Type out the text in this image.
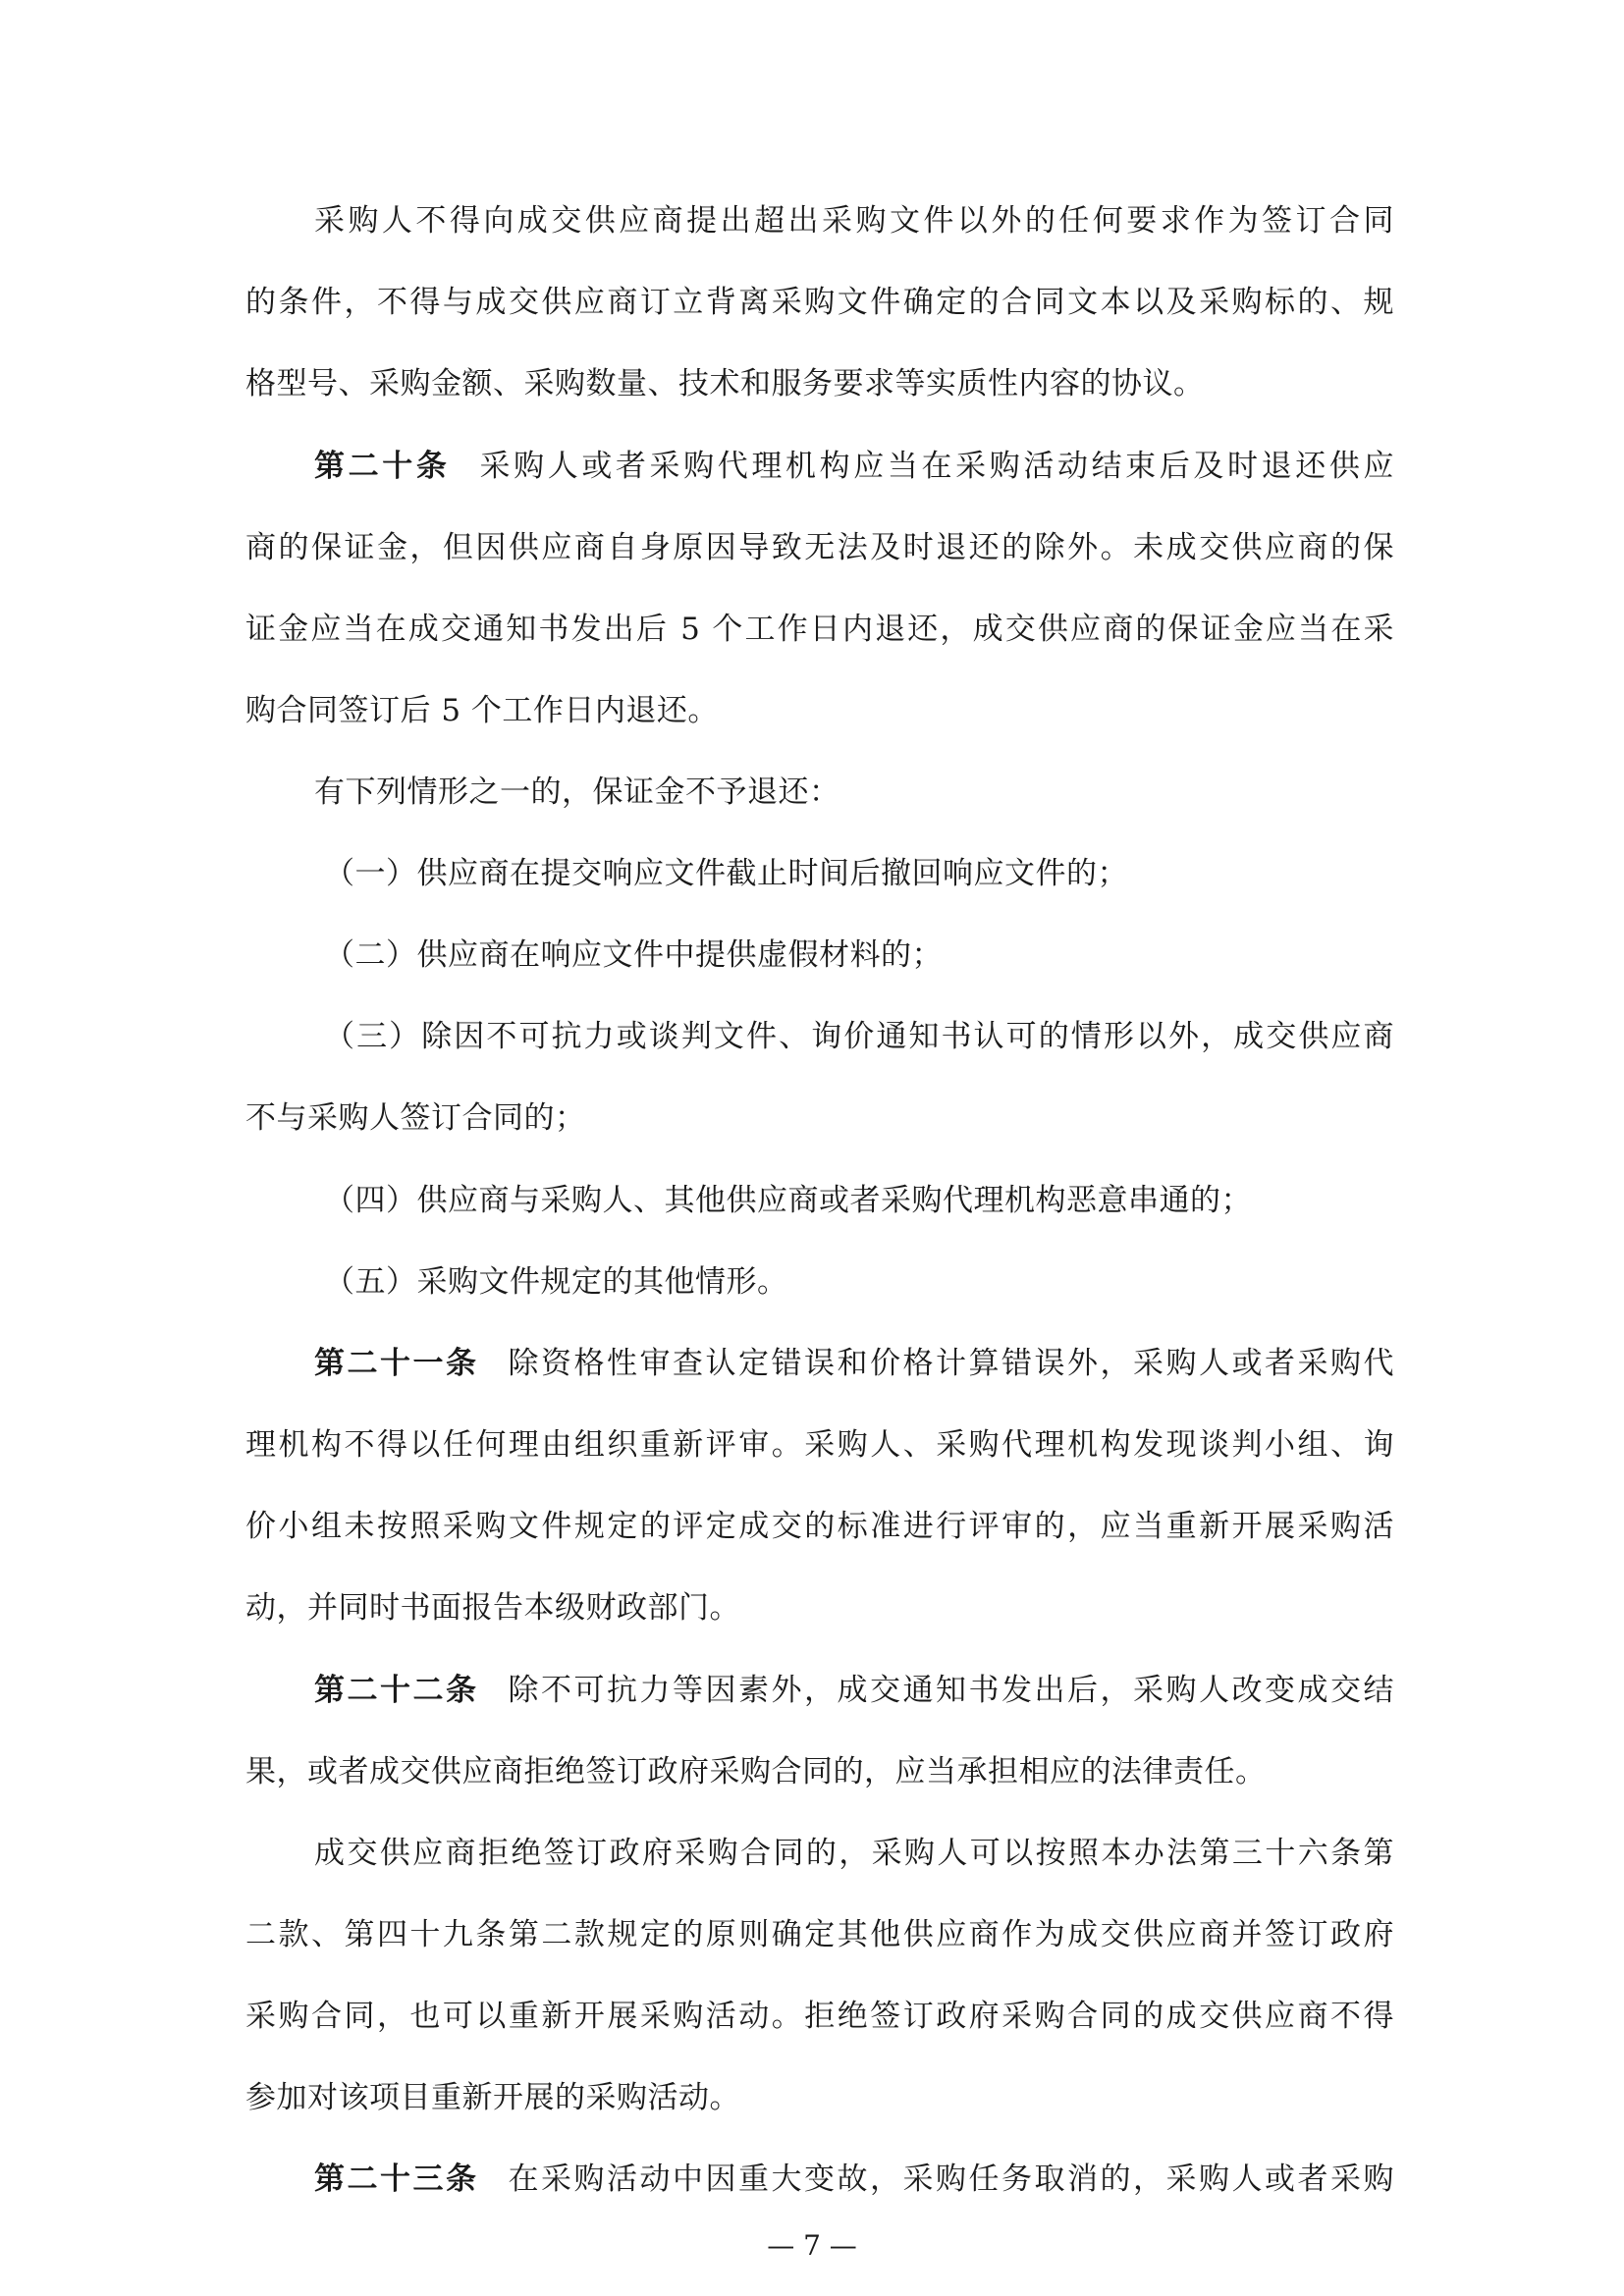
采购人不得向成交供应商提出超出采购文件以外的任何要求作为签订合同
的条件，不得与成交供应商订立背离采购文件确定的合同文本以及采购标的、规
格型号、采购金额、采购数量、技术和服务要求等实质性内容的协议。
第二十条 采购人或者采购代理机构应当在采购活动结束后及时退还供应
商的保证金，但因供应商自身原因导致无法及时退还的除外。未成交供应商的保
证金应当在成交通知书发出后 5 个工作日内退还，成交供应商的保证金应当在采
购合同签订后 5 个工作日内退还。
有下列情形之一的，保证金不予退还：
（一）供应商在提交响应文件截止时间后撤回响应文件的；
（二）供应商在响应文件中提供虚假材料的；
（三）除因不可抗力或谈判文件、询价通知书认可的情形以外，成交供应商
不与采购人签订合同的；
（四）供应商与采购人、其他供应商或者采购代理机构恶意串通的；
（五）采购文件规定的其他情形。
第二十一条 除资格性审查认定错误和价格计算错误外，采购人或者采购代
理机构不得以任何理由组织重新评审。采购人、采购代理机构发现谈判小组、询
价小组未按照采购文件规定的评定成交的标准进行评审的，应当重新开展采购活
动，并同时书面报告本级财政部门。
第二十二条 除不可抗力等因素外，成交通知书发出后，采购人改变成交结
果，或者成交供应商拒绝签订政府采购合同的，应当承担相应的法律责任。
成交供应商拒绝签订政府采购合同的，采购人可以按照本办法第三十六条第
二款、第四十九条第二款规定的原则确定其他供应商作为成交供应商并签订政府
采购合同，也可以重新开展采购活动。拒绝签订政府采购合同的成交供应商不得
参加对该项目重新开展的采购活动。
第二十三条 在采购活动中因重大变故，采购任务取消的，采购人或者采购
— 7 —
